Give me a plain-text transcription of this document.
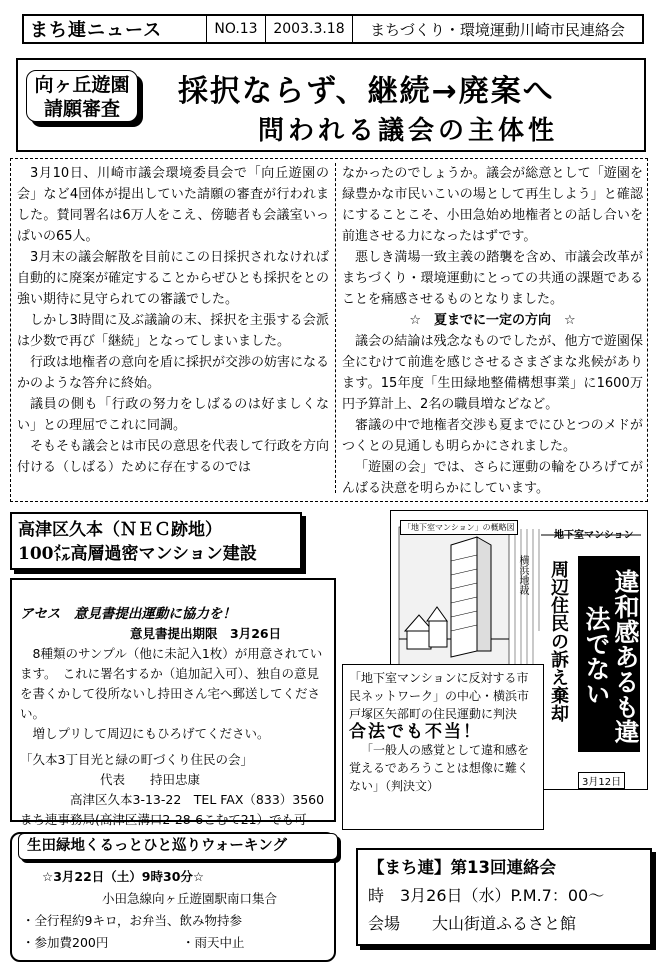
まち連ニュース	NO.13	2003.3.18	まちづくり・環境運動川崎市民連絡会
向ヶ丘遊園
請願審査	採択ならず、継続→廃案へ
問われる議会の主体性

3月10日、川崎市議会環境委員会で「向丘遊園の会」など4団体が提出していた請願の審査が行われました。賛同署名は6万人をこえ、傍聴者も会議室いっぱいの65人。

3月末の議会解散を目前にこの日採択されなければ自動的に廃案が確定することからぜひとも採択をとの強い期待に見守られての審議でした。

しかし3時間に及ぶ議論の末、採択を主張する会派は少数で再び「継続」となってしまいました。

行政は地権者の意向を盾に採択が交渉の妨害になるかのような答弁に終始。

議員の側も「行政の努力をしばるのは好ましくない」との理屈でこれに同調。

そもそも議会とは市民の意思を代表して行政を方向付ける（しばる）ために存在するのでは

なかったのでしょうか。議会が総意として「遊園を緑豊かな市民いこいの場として再生しよう」と確認にすることこそ、小田急始め地権者との話し合いを前進させる力になったはずです。

悪しき満場一致主義の踏襲を含め、市議会改革がまちづくり・環境運動にとっての共通の課題であることを痛感させるものとなりました。

☆　夏までに一定の方向　☆

議会の結論は残念なものでしたが、他方で遊園保全にむけて前進を感じさせるさまざまな兆候があります。15年度「生田緑地整備構想事業」に1600万円予算計上、2名の職員増などなど。

審議の中で地権者交渉も夏までにひとつのメドがつくとの見通しも明らかにされました。

「遊園の会」では、さらに運動の輪をひろげてがんばる決意を明らかにしています。

高津区久本（ＮＥＣ跡地）
100㍍高層過密マンション建設
アセス　意見書提出運動に協力を！
意見書提出期限　3月26日

8種類のサンプル（他に未記入1枚）が用意されています。　これに署名するか（追加記入可）、独自の意見を書くかして役所ないし持田さん宅へ郵送してください。

増しプリして周辺にもひろげてください。

「久本3丁目光と緑の町づくり住民の会」
代表　　持田忠康
高津区久本3-13-22　TEL FAX（833）3560
まち連事務局(高津区溝口2-28-6こむて21）でも可
「地下室マンション」の概略図
地下室マンション
横浜地裁 周辺住民の訴え棄却	違和感あるも違法でない
3月12日

「地下室マンションに反対する市民ネットワーク」の中心・横浜市戸塚区矢部町の住民運動に判決

合法でも不当！

「一般人の感覚として違和感を覚えるであろうことは想像に難くない」（判決文）

生田緑地くるっとひと巡りウォーキング
☆3月22日（土）9時30分☆
小田急線向ヶ丘遊園駅南口集合
・全行程約9キロ，お弁当、飲み物持参
・参加費200円	・雨天中止
【まち連】第13回連絡会
時　3月26日（水）P.M.7：00～
会場　　大山街道ふるさと館
